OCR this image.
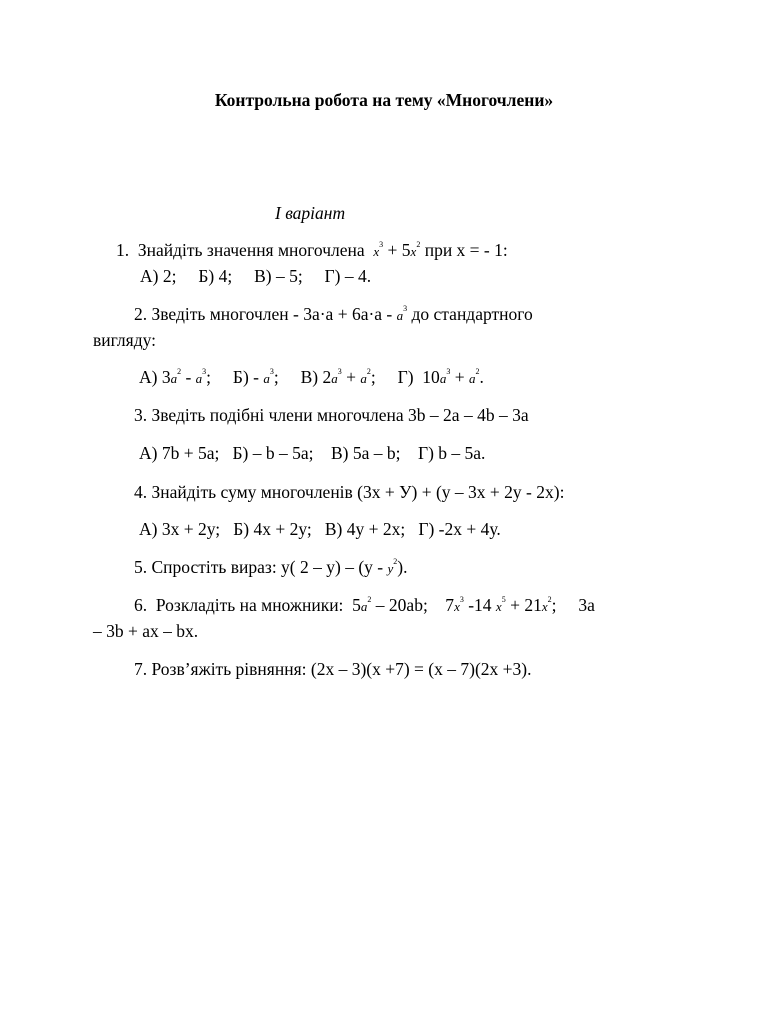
Контрольна робота на тему «Многочлени»
І варіант
1. Знайдіть значення многочлена $x^3 + 5x^2$ при х = - 1:
А) 2;     Б) 4;     В) – 5;     Г) – 4.
2. Зведіть многочлен - $3а\cdot а + 6а\cdot а - a^3$ до стандартного
вигляду:
А) $3a^2 - a^3$;     $Б) - a^3$;     В) $2a^3 + a^2$;     Г)  $10a^3 + a^2$.
3. Зведіть подібні члени многочлена 3b – 2a – 4b – 3a
А) 7b + 5a;   Б) – b – 5a;    В) 5a – b;    Г) b – 5a.
4. Знайдіть суму многочленів (3х + У) + (у – 3х + 2у - 2х):
А) 3х + 2у;   Б) 4х + 2у;   В) 4у + 2х;   Г) -2х + 4у.
5. Спростіть вираз: у( $2 - у) - (у - y^2)$.
6.  Розкладіть на множники:  $5a^2 - 20ab$;    $7x^3$ -14 $x^5 + 21x^2$;     3a
– 3b + ax – bx.
7. Розв’яжіть рівняння: (2х – 3)(х +7) = (х – 7)(2х +3).
